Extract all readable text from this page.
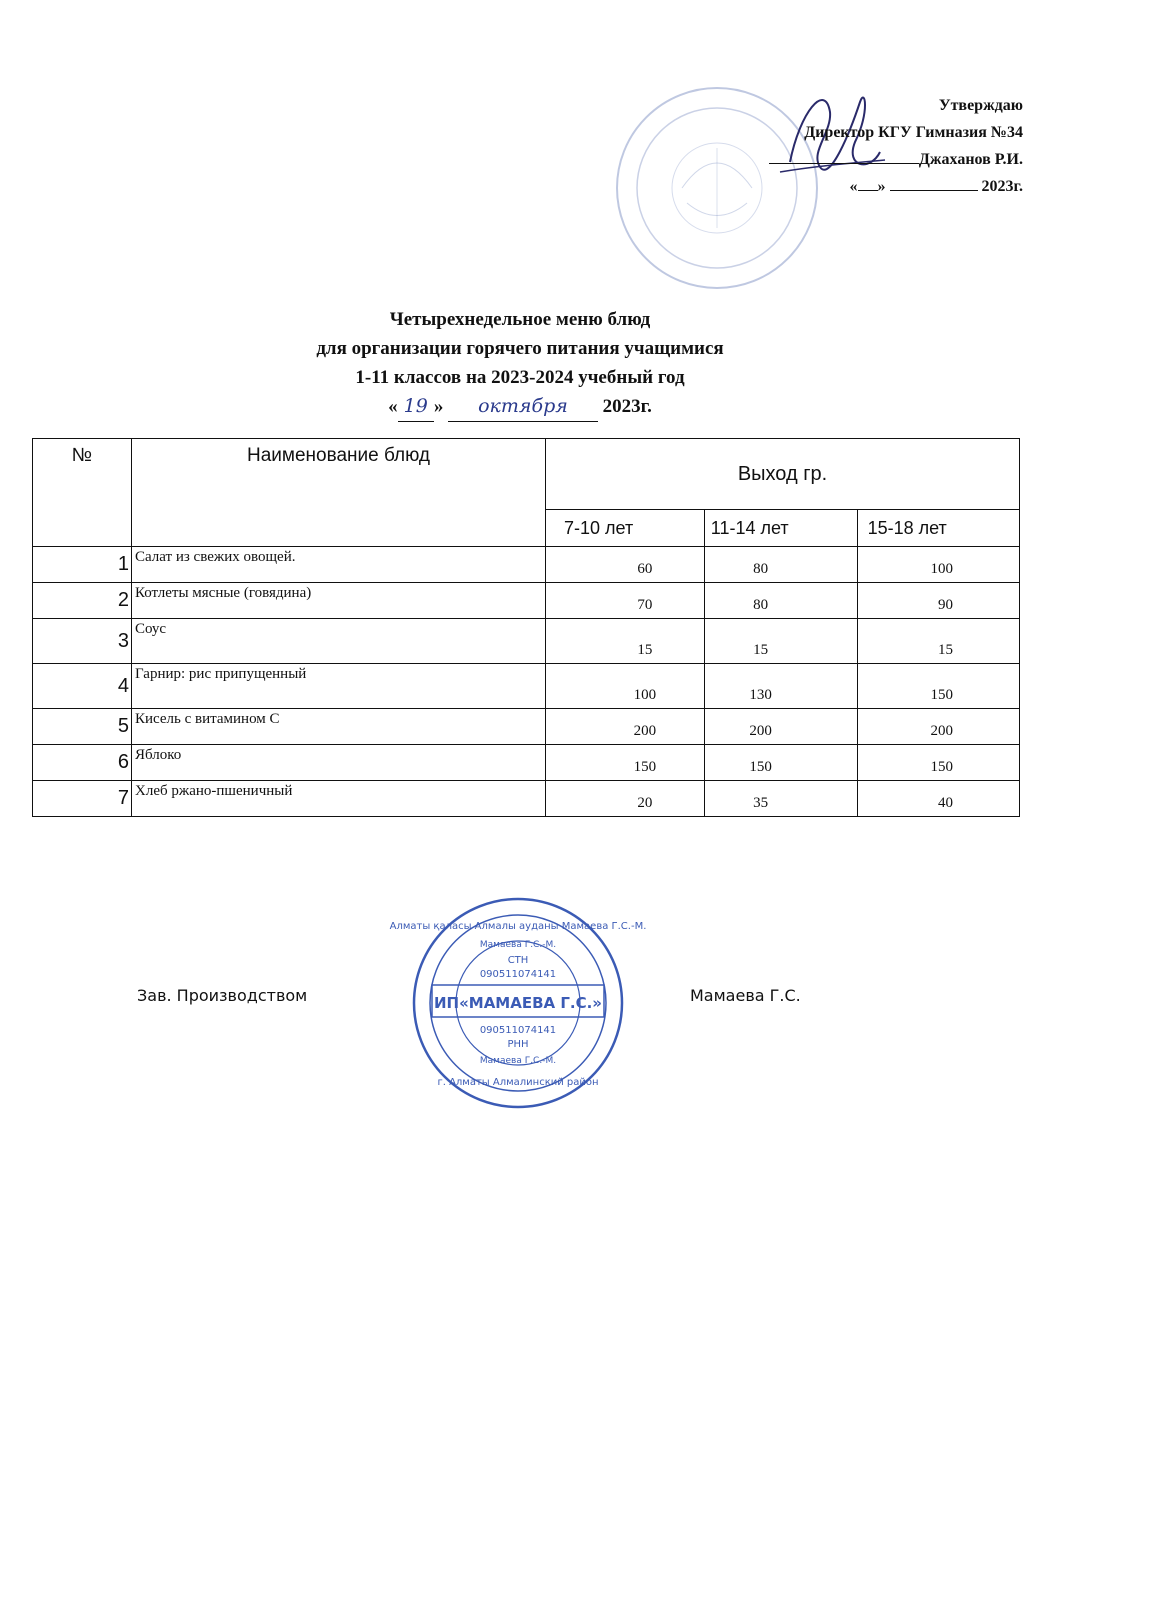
Утверждаю
Директор КГУ Гимназия №34
Джаханов Р.И.
« »	2023г.
Четырехнедельное меню блюд
для организации горячего питания учащимися
1-11 классов на 2023-2024 учебный год
« 19 » октября 2023г.
№	Наименование блюд	Выход гр.		
		7-10 лет	11-14 лет	15-18 лет
1	Салат из свежих овощей.	60	80	100
2	Котлеты мясные (говядина)	70	80	90
3	Соус	15	15	15
4	Гарнир: рис припущенный	100	130	150
5	Кисель с витамином С	200	200	200
6	Яблоко	150	150	150
7	Хлеб ржано-пшеничный	20	35	40
Зав. Производством	Мамаева Г.С.
Алматы қаласы Алмалы ауданы Мамаева Г.С.-М.
Мамаева Г.С.-М.
СТН
090511074141
ИП«МАМАЕВА Г.С.»
090511074141
РНН
Мамаева Г.С.-М.
г. Алматы Алмалинский район
